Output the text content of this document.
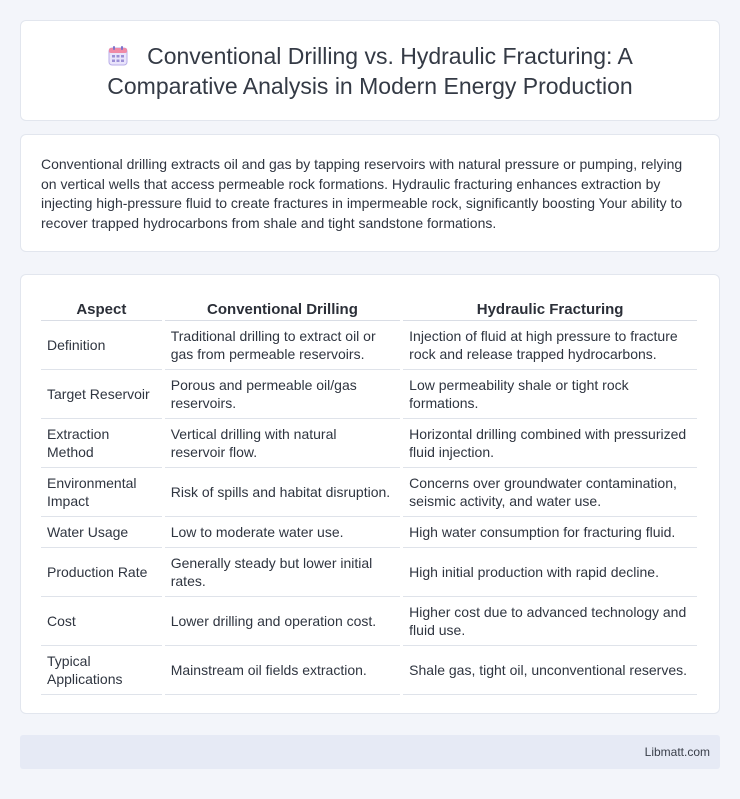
Conventional Drilling vs. Hydraulic Fracturing: A Comparative Analysis in Modern Energy Production

Conventional drilling extracts oil and gas by tapping reservoirs with natural pressure or pumping, relying on vertical wells that access permeable rock formations. Hydraulic fracturing enhances extraction by injecting high-pressure fluid to create fractures in impermeable rock, significantly boosting Your ability to recover trapped hydrocarbons from shale and tight sandstone formations.

Aspect	Conventional Drilling	Hydraulic Fracturing
Definition	Traditional drilling to extract oil or gas from permeable reservoirs.	Injection of fluid at high pressure to fracture rock and release trapped hydrocarbons.
Target Reservoir	Porous and permeable oil/gas reservoirs.	Low permeability shale or tight rock formations.
Extraction Method	Vertical drilling with natural reservoir flow.	Horizontal drilling combined with pressurized fluid injection.
Environmental Impact	Risk of spills and habitat disruption.	Concerns over groundwater contamination, seismic activity, and water use.
Water Usage	Low to moderate water use.	High water consumption for fracturing fluid.
Production Rate	Generally steady but lower initial rates.	High initial production with rapid decline.
Cost	Lower drilling and operation cost.	Higher cost due to advanced technology and fluid use.
Typical Applications	Mainstream oil fields extraction.	Shale gas, tight oil, unconventional reserves.
Libmatt.com
